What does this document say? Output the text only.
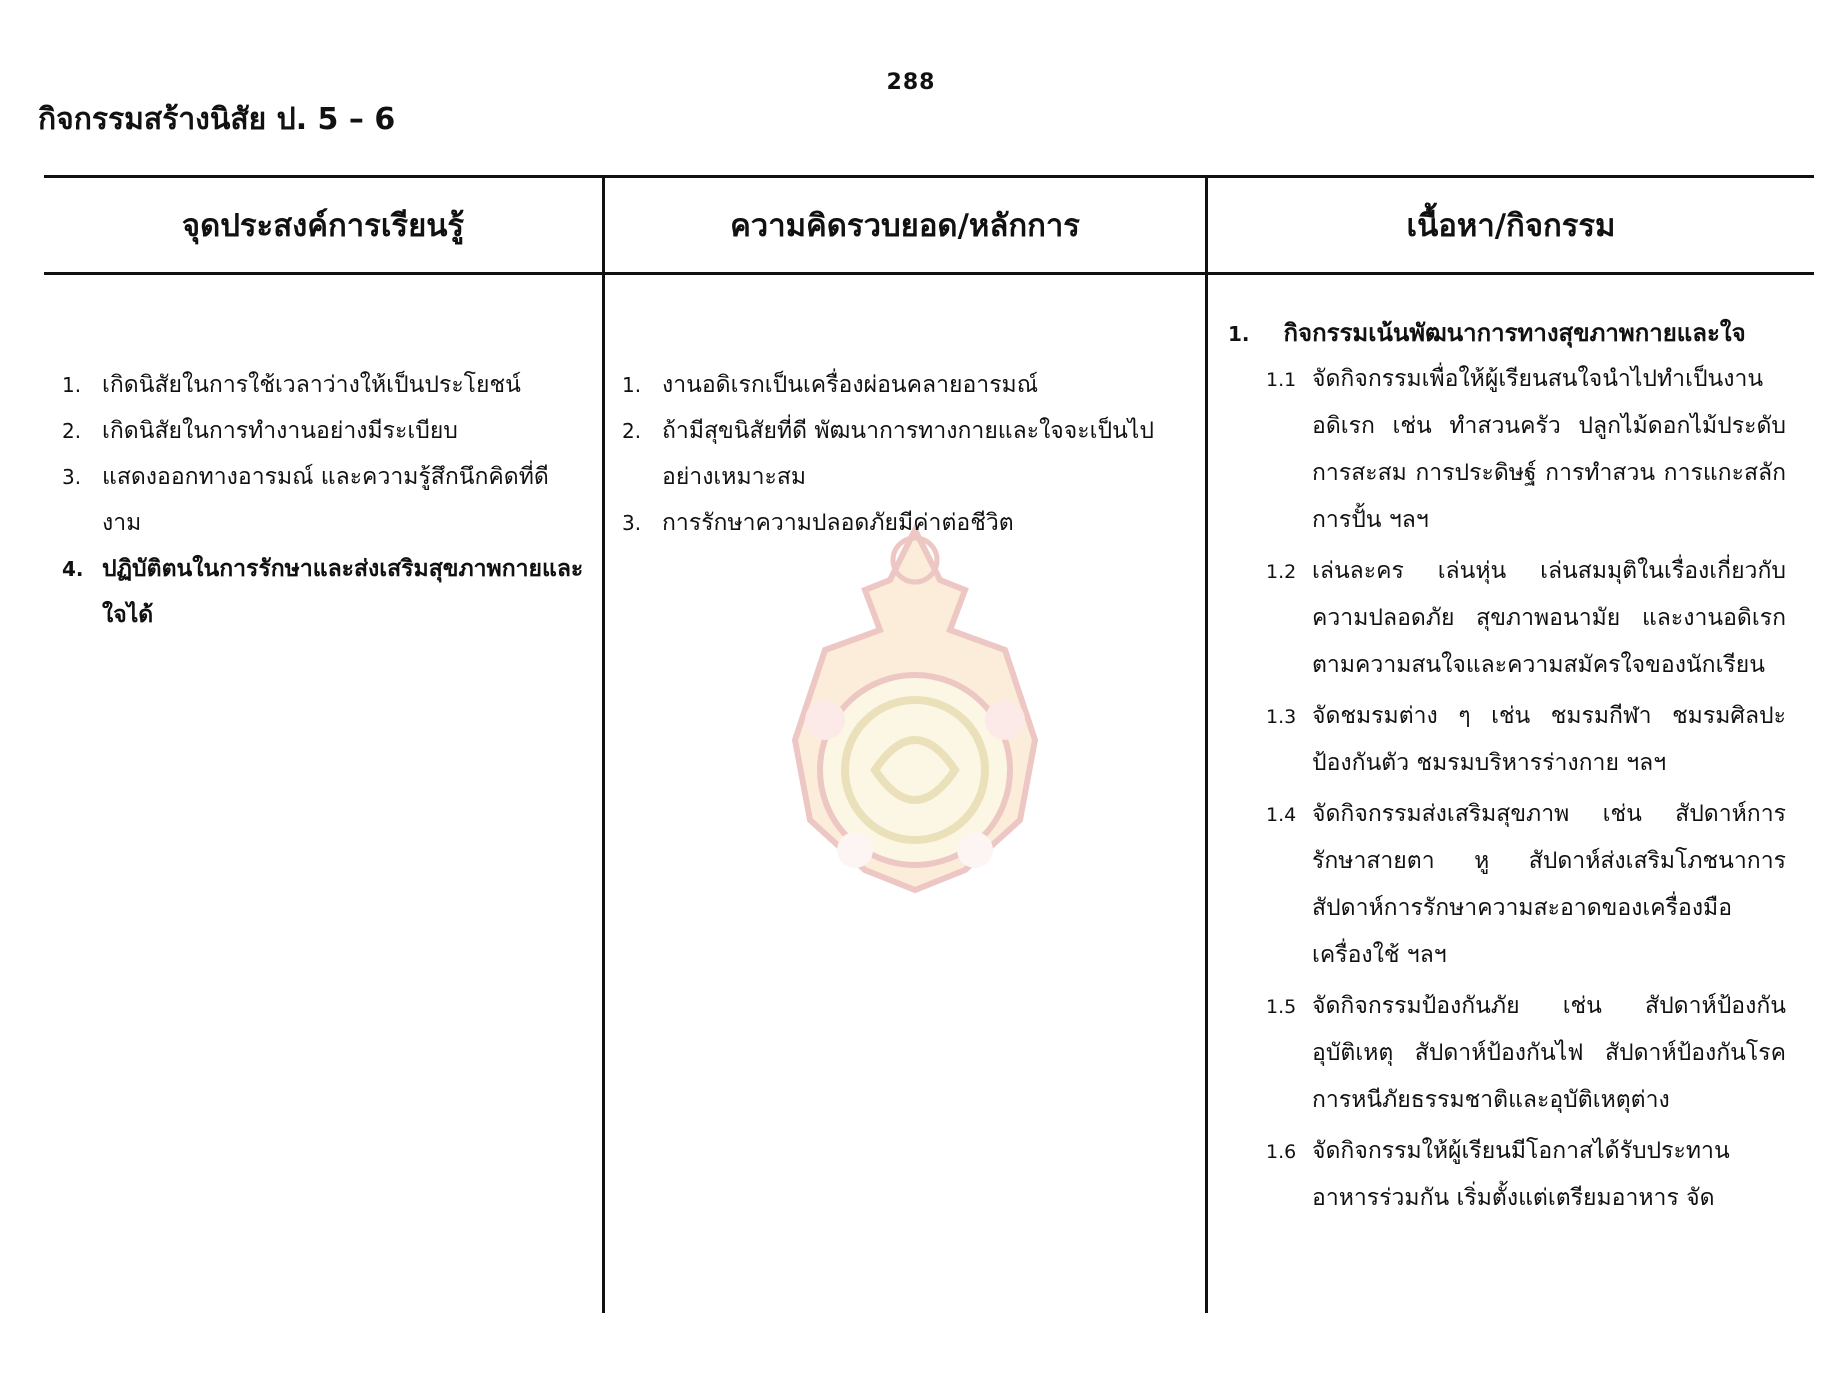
288
กิจกรรมสร้างนิสัย ป. 5 – 6
จุดประสงค์การเรียนรู้	ความคิดรวบยอด/หลักการ	เนื้อหา/กิจกรรม
1. เกิดนิสัยในการใช้เวลาว่างให้เป็นประโยชน์
2. เกิดนิสัยในการทำงานอย่างมีระเบียบ
3. แสดงออกทางอารมณ์ และความรู้สึกนึกคิดที่ดีงาม
4. ปฏิบัติตนในการรักษาและส่งเสริมสุขภาพกายและใจได้
1. งานอดิเรกเป็นเครื่องผ่อนคลายอารมณ์
2. ถ้ามีสุขนิสัยที่ดี พัฒนาการทางกายและใจจะเป็นไปอย่างเหมาะสม
3. การรักษาความปลอดภัยมีค่าต่อชีวิต
1. กิจกรรมเน้นพัฒนาการทางสุขภาพกายและใจ
1.1 จัดกิจกรรมเพื่อให้ผู้เรียนสนใจนำไปทำเป็นงานอดิเรก เช่น ทำสวนครัว ปลูกไม้ดอกไม้ประดับ การสะสม การประดิษฐ์ การทำสวน การแกะสลัก การปั้น ฯลฯ
1.2 เล่นละคร เล่นหุ่น เล่นสมมุติในเรื่องเกี่ยวกับความปลอดภัย สุขภาพอนามัย และงานอดิเรกตามความสนใจและความสมัครใจของนักเรียน
1.3 จัดชมรมต่าง ๆ เช่น ชมรมกีฬา ชมรมศิลปะป้องกันตัว ชมรมบริหารร่างกาย ฯลฯ
1.4 จัดกิจกรรมส่งเสริมสุขภาพ เช่น สัปดาห์การรักษาสายตา หู สัปดาห์ส่งเสริมโภชนาการ สัปดาห์การรักษาความสะอาดของเครื่องมือเครื่องใช้ ฯลฯ
1.5 จัดกิจกรรมป้องกันภัย เช่น สัปดาห์ป้องกันอุบัติเหตุ สัปดาห์ป้องกันไฟ สัปดาห์ป้องกันโรค การหนีภัยธรรมชาติและอุบัติเหตุต่าง
1.6 จัดกิจกรรมให้ผู้เรียนมีโอกาสได้รับประทานอาหารร่วมกัน เริ่มตั้งแต่เตรียมอาหาร จัด
